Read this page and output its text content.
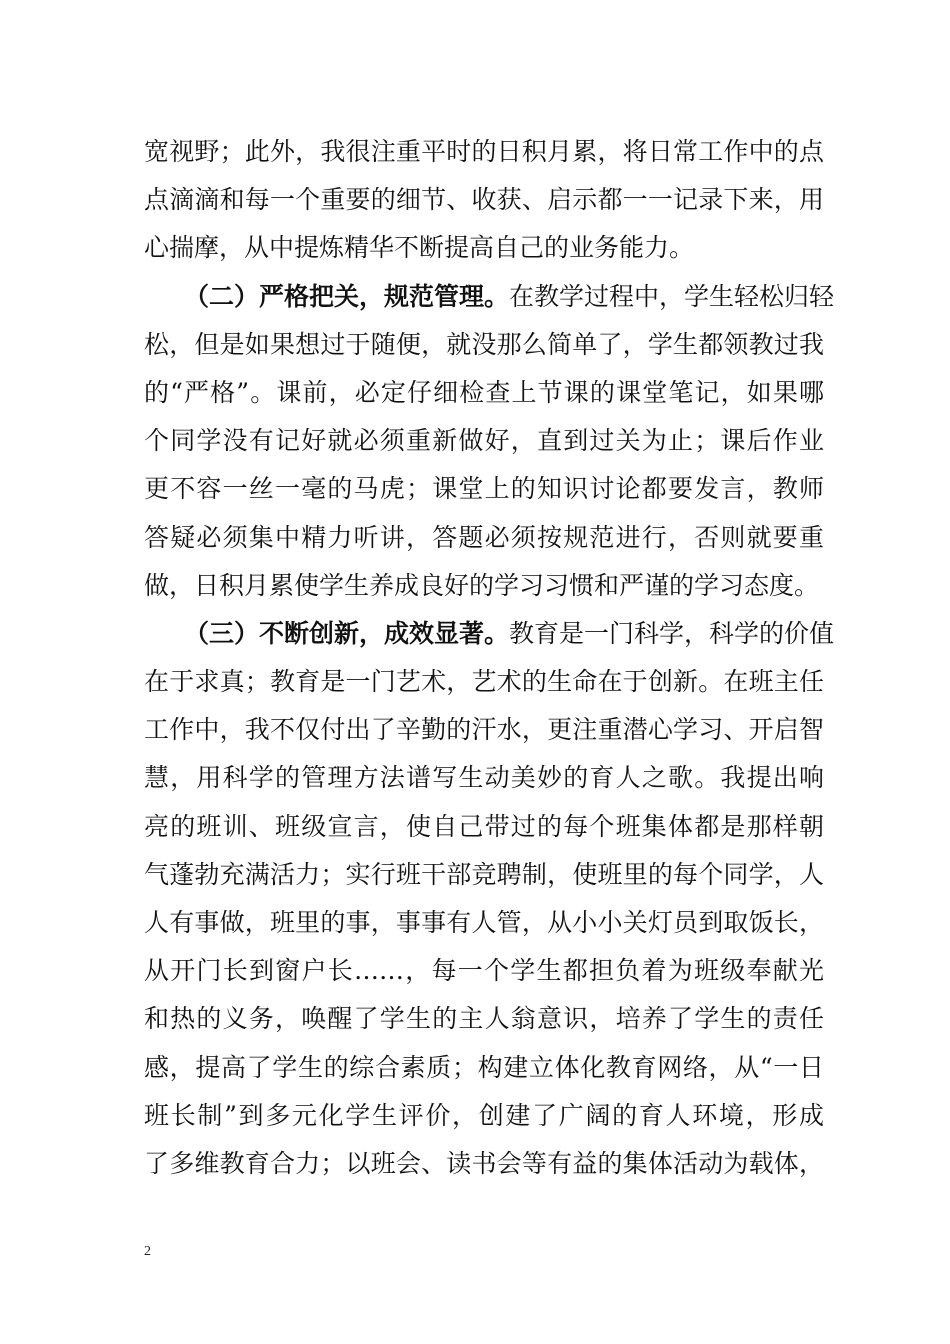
宽视野；此外，我很注重平时的日积月累，将日常工作中的点
点滴滴和每一个重要的细节、收获、启示都一一记录下来，用
心揣摩，从中提炼精华不断提高自己的业务能力。
（二）严格把关，规范管理。在教学过程中，学生轻松归轻
松，但是如果想过于随便，就没那么简单了，学生都领教过我
的“严格”。课前，必定仔细检查上节课的课堂笔记，如果哪
个同学没有记好就必须重新做好，直到过关为止；课后作业
更不容一丝一毫的马虎；课堂上的知识讨论都要发言，教师
答疑必须集中精力听讲，答题必须按规范进行，否则就要重
做，日积月累使学生养成良好的学习习惯和严谨的学习态度。
（三）不断创新，成效显著。教育是一门科学，科学的价值
在于求真；教育是一门艺术，艺术的生命在于创新。在班主任
工作中，我不仅付出了辛勤的汗水，更注重潜心学习、开启智
慧，用科学的管理方法谱写生动美妙的育人之歌。我提出响
亮的班训、班级宣言，使自己带过的每个班集体都是那样朝
气蓬勃充满活力；实行班干部竞聘制，使班里的每个同学，人
人有事做，班里的事，事事有人管，从小小关灯员到取饭长，
从开门长到窗户长……，每一个学生都担负着为班级奉献光
和热的义务，唤醒了学生的主人翁意识，培养了学生的责任
感，提高了学生的综合素质；构建立体化教育网络，从“一日
班长制”到多元化学生评价，创建了广阔的育人环境，形成
了多维教育合力；以班会、读书会等有益的集体活动为载体，
2
